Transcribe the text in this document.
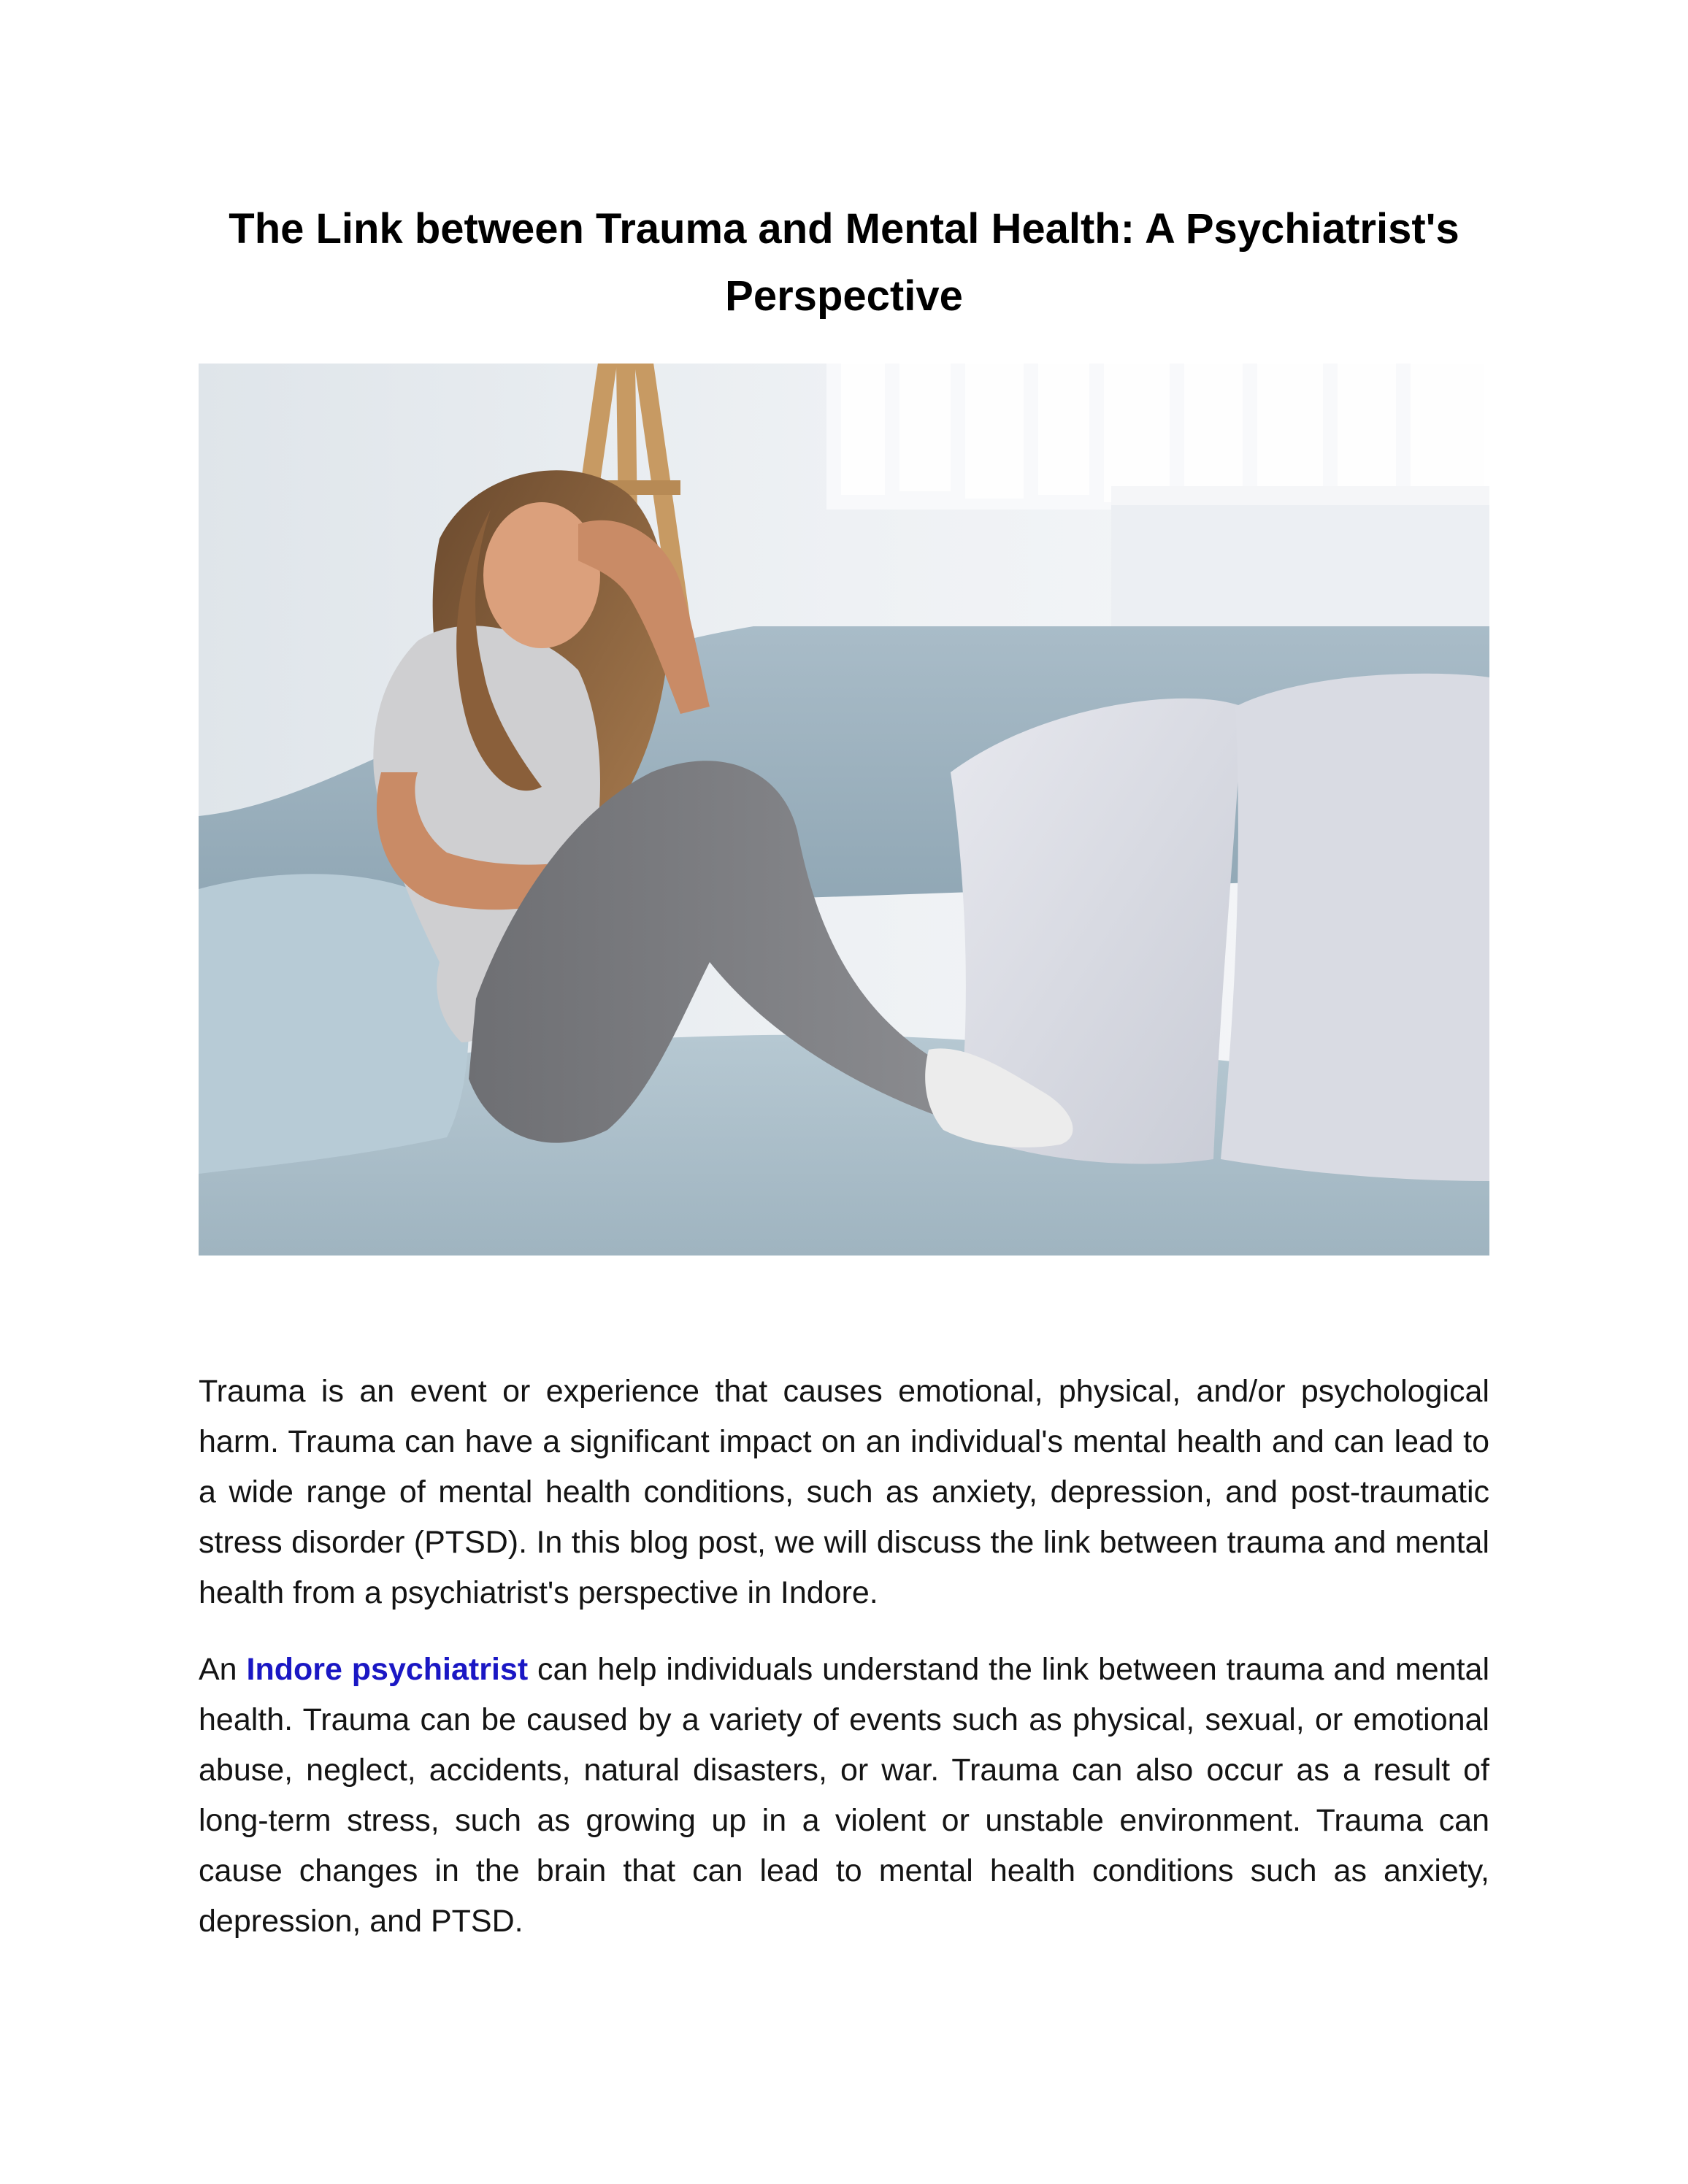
The Link between Trauma and Mental Health: A Psychiatrist's Perspective

Trauma is an event or experience that causes emotional, physical, and/or psychological harm. Trauma can have a significant impact on an individual's mental health and can lead to a wide range of mental health conditions, such as anxiety, depression, and post-traumatic stress disorder (PTSD). In this blog post, we will discuss the link between trauma and mental health from a psychiatrist's perspective in Indore.

An Indore psychiatrist can help individuals understand the link between trauma and mental health. Trauma can be caused by a variety of events such as physical, sexual, or emotional abuse, neglect, accidents, natural disasters, or war. Trauma can also occur as a result of long-term stress, such as growing up in a violent or unstable environment. Trauma can cause changes in the brain that can lead to mental health conditions such as anxiety, depression, and PTSD.
